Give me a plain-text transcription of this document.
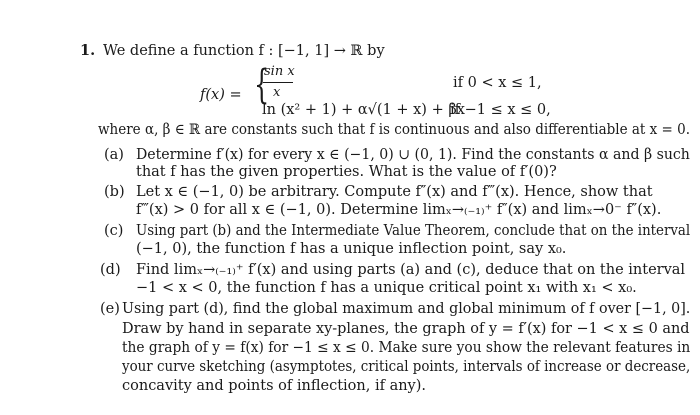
1. We define a function f : [−1, 1] → ℝ by
f(x) = {
sin x
x
if 0 < x ≤ 1,
ln (x² + 1) + α√(1 + x) + βx
if −1 ≤ x ≤ 0,
where α, β ∈ ℝ are constants such that f is continuous and also differentiable at x = 0.
(a) Determine f′(x) for every x ∈ (−1, 0) ∪ (0, 1). Find the constants α and β such
that f has the given properties. What is the value of f′(0)?
(b) Let x ∈ (−1, 0) be arbitrary. Compute f″(x) and f‴(x). Hence, show that
f‴(x) > 0 for all x ∈ (−1, 0). Determine limₓ→₍₋₁₎⁺ f″(x) and limₓ→0⁻ f″(x).
(c) Using part (b) and the Intermediate Value Theorem, conclude that on the interval
(−1, 0), the function f has a unique inflection point, say x₀.
(d) Find limₓ→₍₋₁₎⁺ f′(x) and using parts (a) and (c), deduce that on the interval
−1 < x < 0, the function f has a unique critical point x₁ with x₁ < x₀.
(e) Using part (d), find the global maximum and global minimum of f over [−1, 0].
Draw by hand in separate xy-planes, the graph of y = f′(x) for −1 < x ≤ 0 and
the graph of y = f(x) for −1 ≤ x ≤ 0. Make sure you show the relevant features in
your curve sketching (asymptotes, critical points, intervals of increase or decrease,
concavity and points of inflection, if any).
